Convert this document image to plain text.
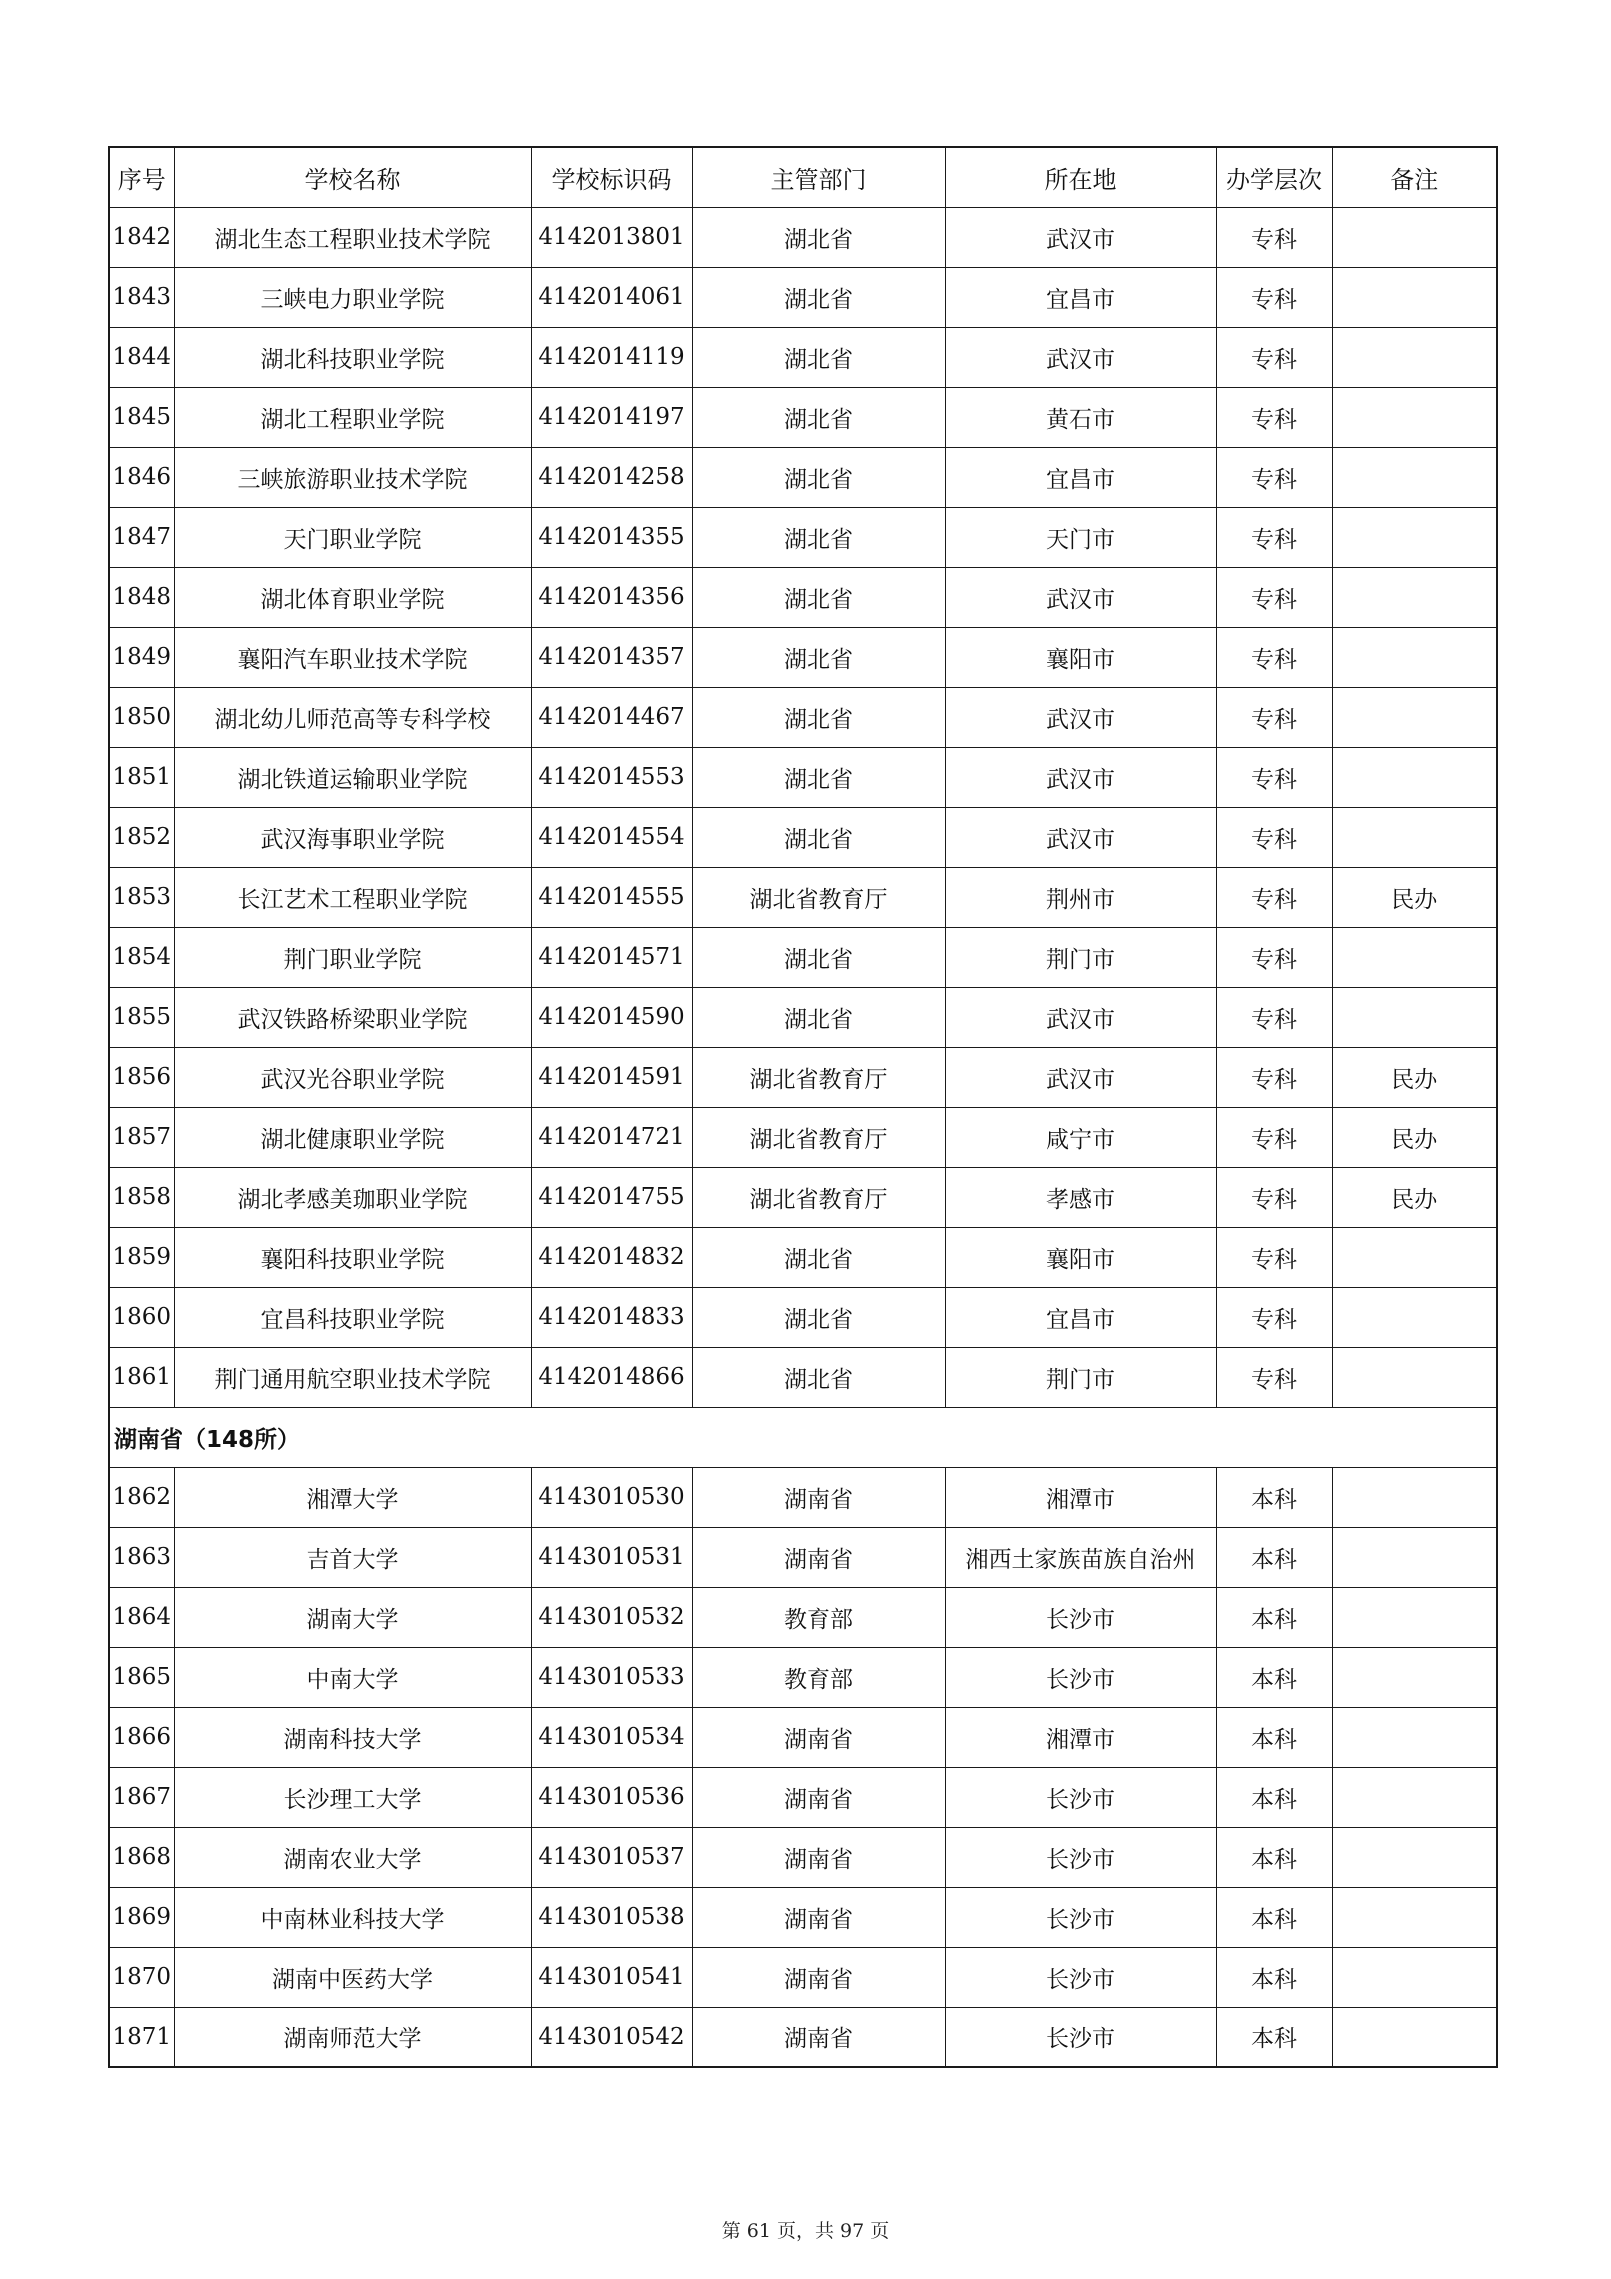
序号	学校名称	学校标识码	主管部门	所在地	办学层次	备注
1842	湖北生态工程职业技术学院	4142013801	湖北省	武汉市	专科	
1843	三峡电力职业学院	4142014061	湖北省	宜昌市	专科	
1844	湖北科技职业学院	4142014119	湖北省	武汉市	专科	
1845	湖北工程职业学院	4142014197	湖北省	黄石市	专科	
1846	三峡旅游职业技术学院	4142014258	湖北省	宜昌市	专科	
1847	天门职业学院	4142014355	湖北省	天门市	专科	
1848	湖北体育职业学院	4142014356	湖北省	武汉市	专科	
1849	襄阳汽车职业技术学院	4142014357	湖北省	襄阳市	专科	
1850	湖北幼儿师范高等专科学校	4142014467	湖北省	武汉市	专科	
1851	湖北铁道运输职业学院	4142014553	湖北省	武汉市	专科	
1852	武汉海事职业学院	4142014554	湖北省	武汉市	专科	
1853	长江艺术工程职业学院	4142014555	湖北省教育厅	荆州市	专科	民办
1854	荆门职业学院	4142014571	湖北省	荆门市	专科	
1855	武汉铁路桥梁职业学院	4142014590	湖北省	武汉市	专科	
1856	武汉光谷职业学院	4142014591	湖北省教育厅	武汉市	专科	民办
1857	湖北健康职业学院	4142014721	湖北省教育厅	咸宁市	专科	民办
1858	湖北孝感美珈职业学院	4142014755	湖北省教育厅	孝感市	专科	民办
1859	襄阳科技职业学院	4142014832	湖北省	襄阳市	专科	
1860	宜昌科技职业学院	4142014833	湖北省	宜昌市	专科	
1861	荆门通用航空职业技术学院	4142014866	湖北省	荆门市	专科	
湖南省（148所）						
1862	湘潭大学	4143010530	湖南省	湘潭市	本科	
1863	吉首大学	4143010531	湖南省	湘西土家族苗族自治州	本科	
1864	湖南大学	4143010532	教育部	长沙市	本科	
1865	中南大学	4143010533	教育部	长沙市	本科	
1866	湖南科技大学	4143010534	湖南省	湘潭市	本科	
1867	长沙理工大学	4143010536	湖南省	长沙市	本科	
1868	湖南农业大学	4143010537	湖南省	长沙市	本科	
1869	中南林业科技大学	4143010538	湖南省	长沙市	本科	
1870	湖南中医药大学	4143010541	湖南省	长沙市	本科	
1871	湖南师范大学	4143010542	湖南省	长沙市	本科	
第 61 页，共 97 页
